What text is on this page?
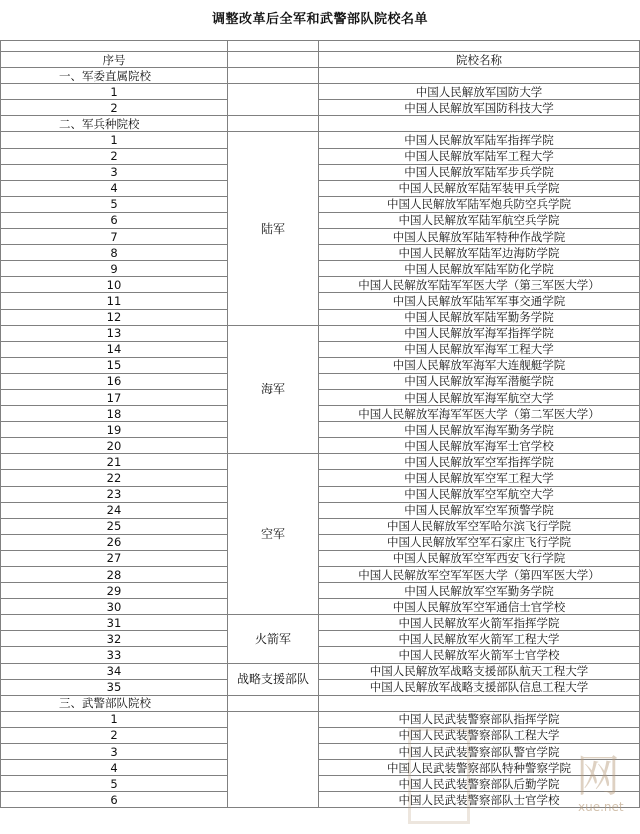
调整改革后全军和武警部队院校名单

序号		院校名称
一、军委直属院校		
1		中国人民解放军国防大学
2		中国人民解放军国防科技大学
二、军兵种院校		
1	陆军	中国人民解放军陆军指挥学院
2		中国人民解放军陆军工程大学
3		中国人民解放军陆军步兵学院
4		中国人民解放军陆军装甲兵学院
5		中国人民解放军陆军炮兵防空兵学院
6		中国人民解放军陆军航空兵学院
7		中国人民解放军陆军特种作战学院
8		中国人民解放军陆军边海防学院
9		中国人民解放军陆军防化学院
10		中国人民解放军陆军军医大学（第三军医大学）
11		中国人民解放军陆军军事交通学院
12		中国人民解放军陆军勤务学院
13	海军	中国人民解放军海军指挥学院
14		中国人民解放军海军工程大学
15		中国人民解放军海军大连舰艇学院
16		中国人民解放军海军潜艇学院
17		中国人民解放军海军航空大学
18		中国人民解放军海军军医大学（第二军医大学）
19		中国人民解放军海军勤务学院
20		中国人民解放军海军士官学校
21	空军	中国人民解放军空军指挥学院
22		中国人民解放军空军工程大学
23		中国人民解放军空军航空大学
24		中国人民解放军空军预警学院
25		中国人民解放军空军哈尔滨飞行学院
26		中国人民解放军空军石家庄飞行学院
27		中国人民解放军空军西安飞行学院
28		中国人民解放军空军军医大学（第四军医大学）
29		中国人民解放军空军勤务学院
30		中国人民解放军空军通信士官学校
31	火箭军	中国人民解放军火箭军指挥学院
32		中国人民解放军火箭军工程大学
33		中国人民解放军火箭军士官学校
34	战略支援部队	中国人民解放军战略支援部队航天工程大学
35		中国人民解放军战略支援部队信息工程大学
三、武警部队院校		
1		中国人民武装警察部队指挥学院
2		中国人民武装警察部队工程大学
3		中国人民武装警察部队警官学院
4		中国人民武装警察部队特种警察学院
5		中国人民武装警察部队后勤学院
6		中国人民武装警察部队士官学校 网
xue.net
